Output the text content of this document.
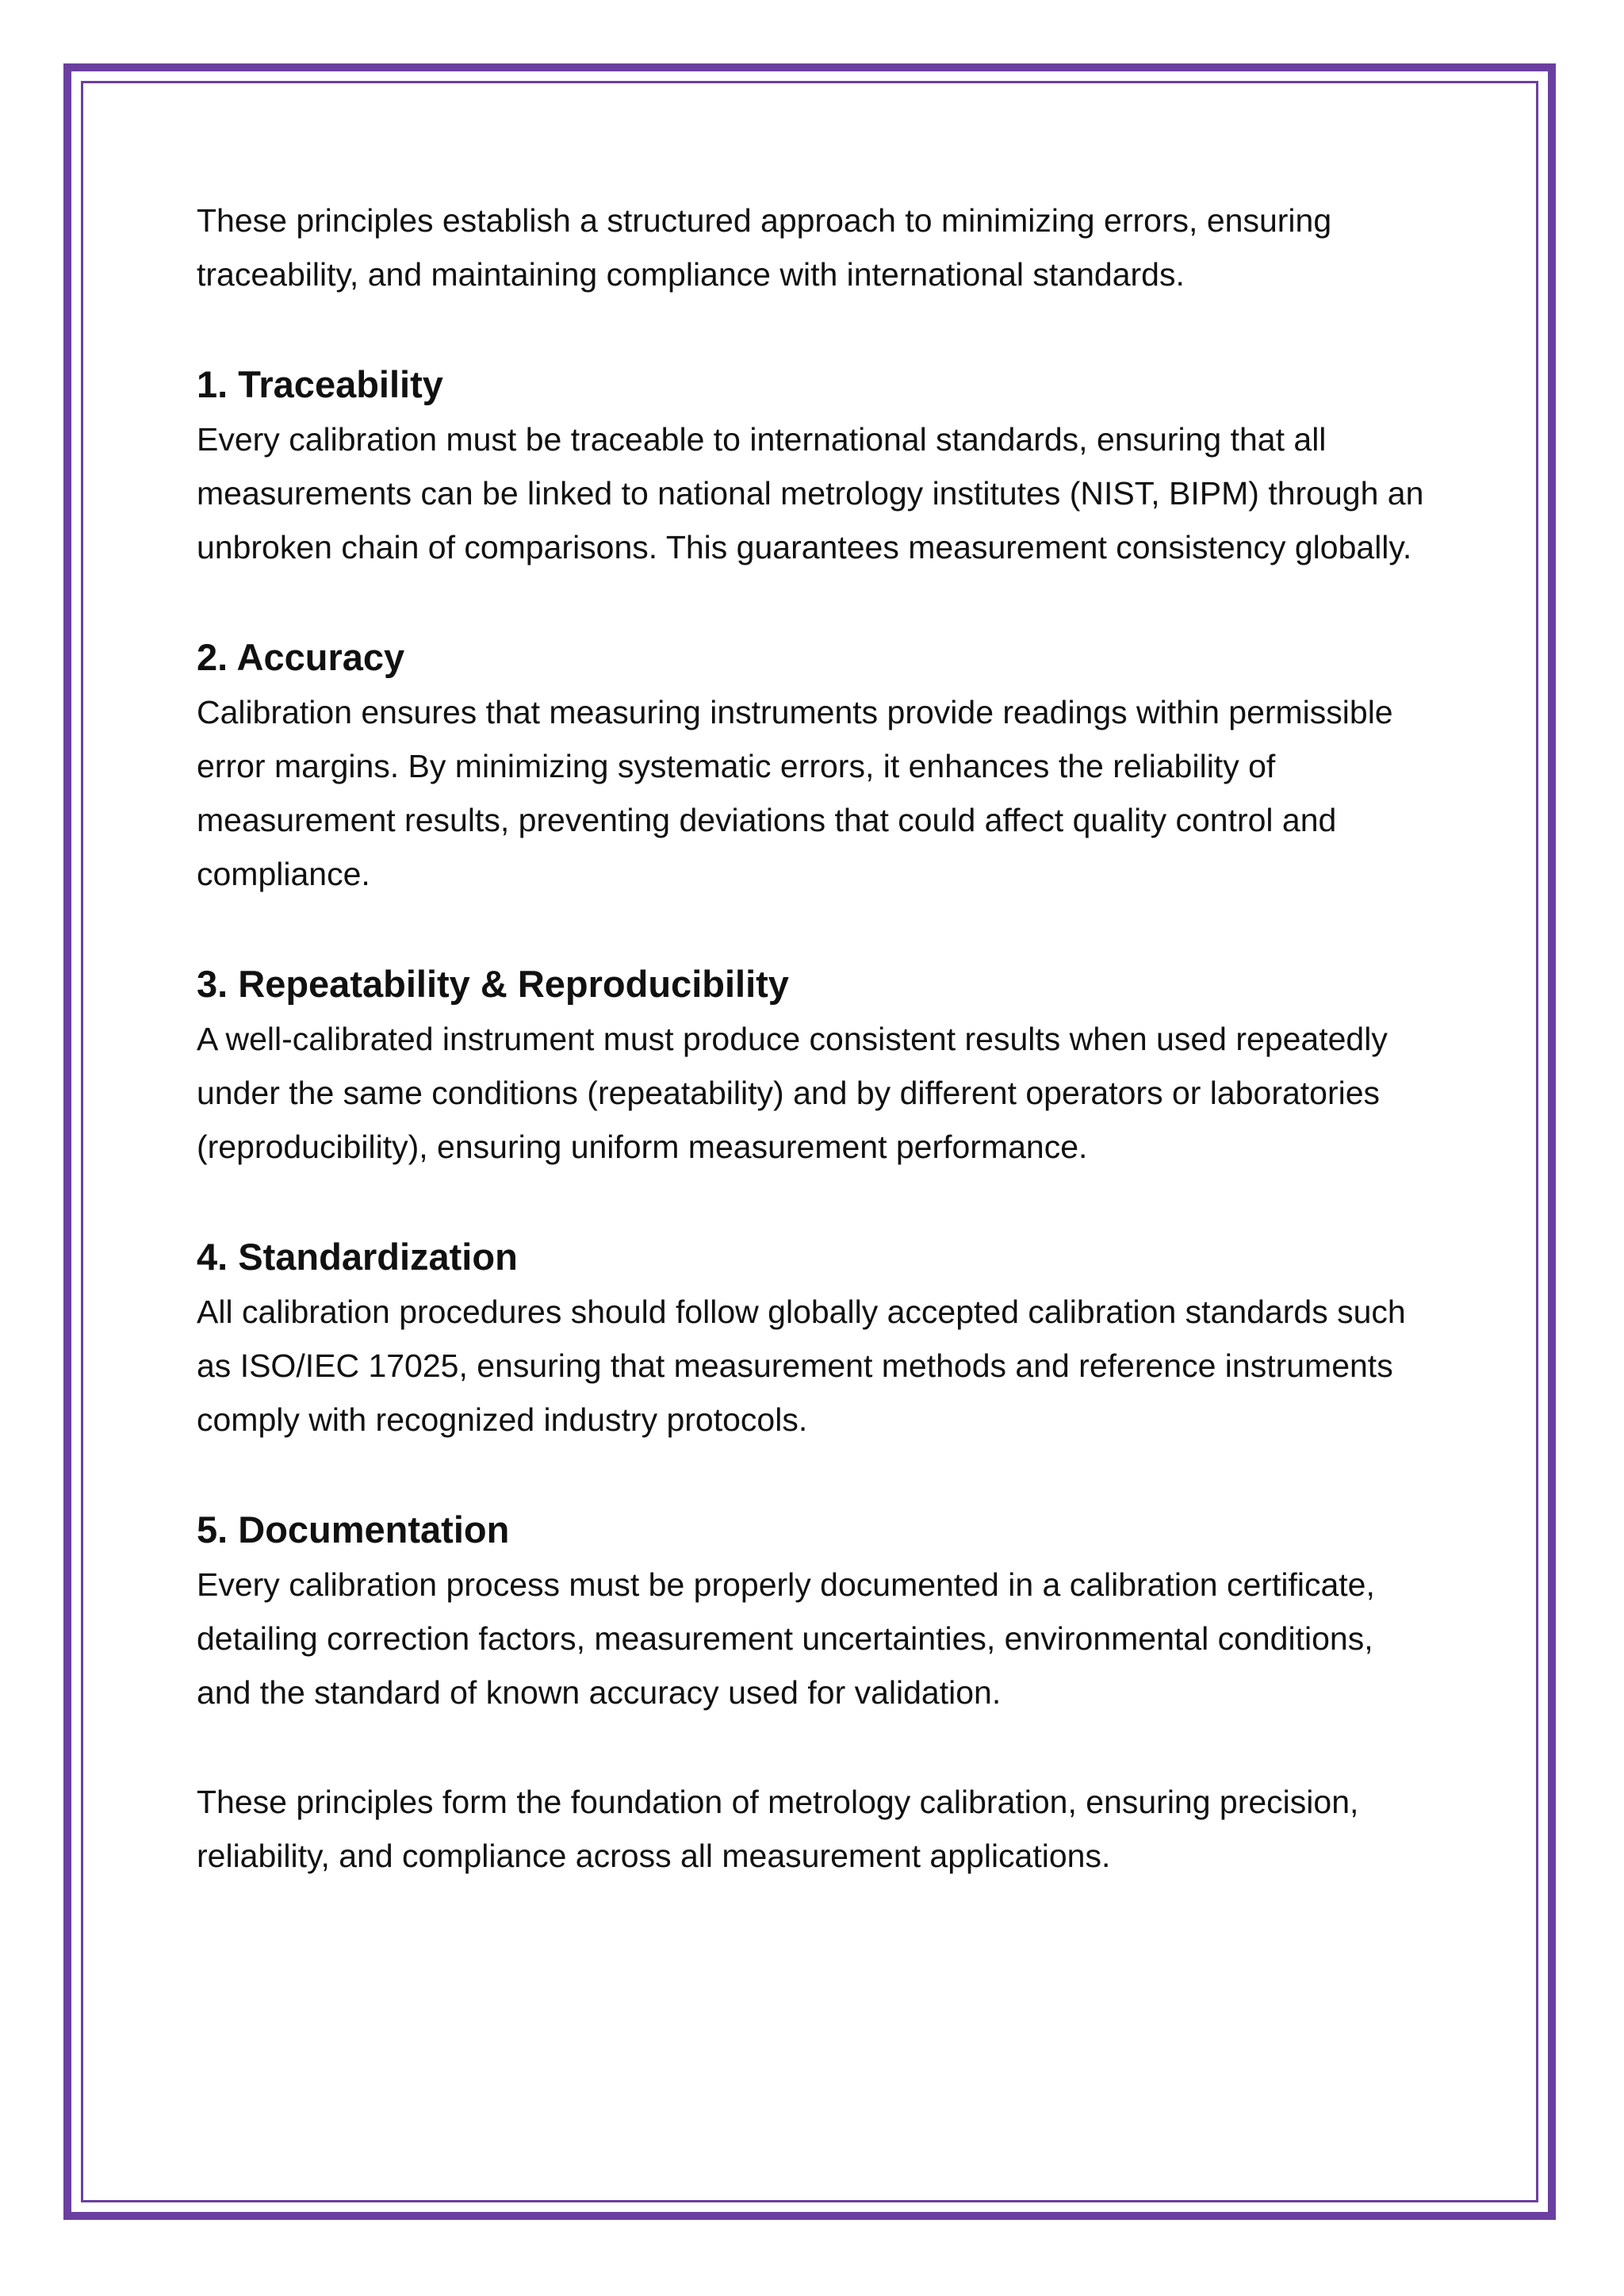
These principles establish a structured approach to minimizing errors, ensuring traceability, and maintaining compliance with international standards.

1. Traceability

Every calibration must be traceable to international standards, ensuring that all measurements can be linked to national metrology institutes (NIST, BIPM) through an unbroken chain of comparisons. This guarantees measurement consistency globally.

2. Accuracy

Calibration ensures that measuring instruments provide readings within permissible error margins. By minimizing systematic errors, it enhances the reliability of measurement results, preventing deviations that could affect quality control and compliance.

3. Repeatability & Reproducibility

A well-calibrated instrument must produce consistent results when used repeatedly under the same conditions (repeatability) and by different operators or laboratories (reproducibility), ensuring uniform measurement performance.

4. Standardization

All calibration procedures should follow globally accepted calibration standards such as ISO/IEC 17025, ensuring that measurement methods and reference instruments comply with recognized industry protocols.

5. Documentation

Every calibration process must be properly documented in a calibration certificate, detailing correction factors, measurement uncertainties, environmental conditions, and the standard of known accuracy used for validation.

These principles form the foundation of metrology calibration, ensuring precision, reliability, and compliance across all measurement applications.
